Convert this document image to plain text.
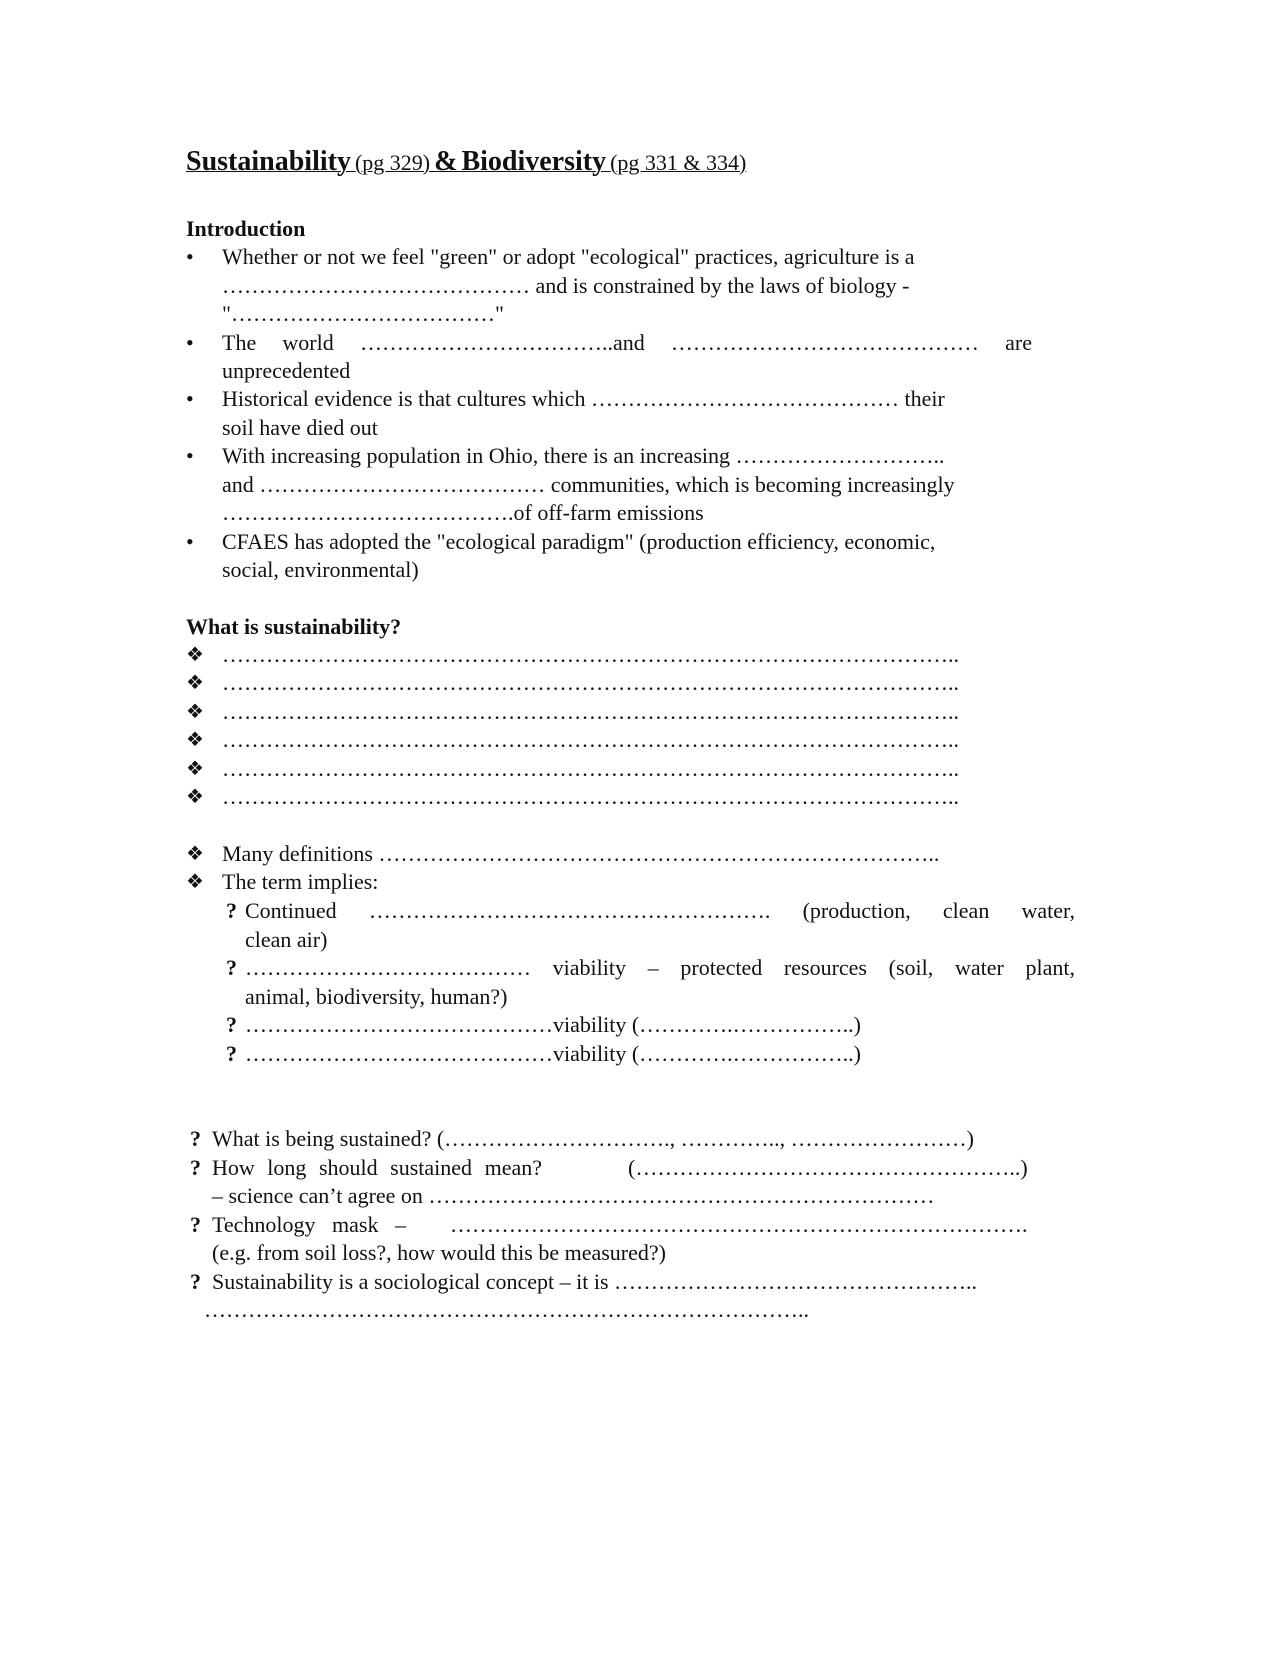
Sustainability (pg 329) & Biodiversity (pg 331 & 334)
Introduction
• Whether or not we feel "green" or adopt "ecological" practices, agriculture is a
…………………………………… and is constrained by the laws of biology -
"………………………………"
• The world ……………………………..and …………………………………… are
unprecedented
• Historical evidence is that cultures which …………………………………… their
soil have died out
• With increasing population in Ohio, there is an increasing ………………………..
and ………………………………… communities, which is becoming increasingly
………………………………….of off-farm emissions
• CFAES has adopted the "ecological paradigm" (production efficiency, economic,
social, environmental)
What is sustainability?
❖ ………………………………………………………………………………………..
❖ ………………………………………………………………………………………..
❖ ………………………………………………………………………………………..
❖ ………………………………………………………………………………………..
❖ ………………………………………………………………………………………..
❖ ………………………………………………………………………………………..
❖ Many definitions …………………………………………………………………..
❖ The term implies:
? Continued ………………………………………………. (production, clean water,
clean air)
? ………………………………… viability – protected resources (soil, water plant,
animal, biodiversity, human?)
? ……………………………………viability (………….……………..)
? ……………………………………viability (………….……………..)
? What is being sustained? (…………………………., ………….., ……………………)
? How long should sustained mean?	(……………………………………………..)
– science can’t agree on ……………………………………………………………
? Technology   mask   – …………………………………………………………………….
(e.g. from soil loss?, how would this be measured?)
? Sustainability is a sociological concept – it is …………………………………………..
………………………………………………………………………..
